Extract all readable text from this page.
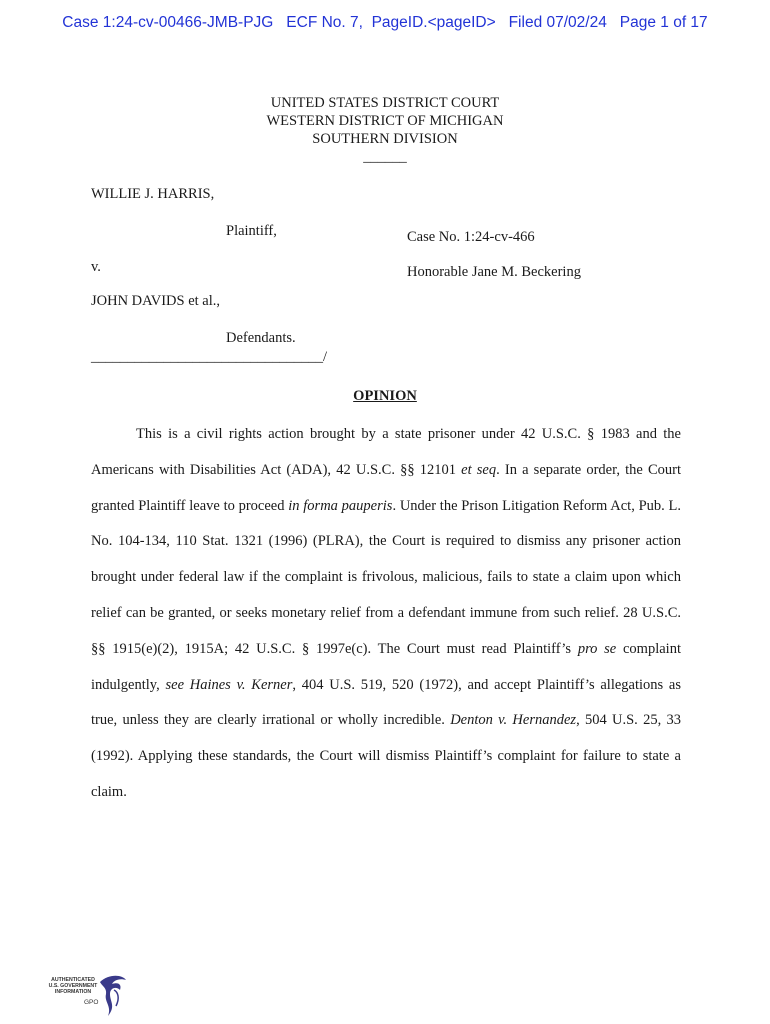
Case 1:24-cv-00466-JMB-PJG ECF No. 7, PageID.<pageID> Filed 07/02/24 Page 1 of 17
UNITED STATES DISTRICT COURT
WESTERN DISTRICT OF MICHIGAN
SOUTHERN DIVISION
______
WILLIE J. HARRIS,
Plaintiff,	Case No. 1:24-cv-466
v.	Honorable Jane M. Beckering
JOHN DAVIDS et al.,
Defendants.
________________________________/
OPINION

This is a civil rights action brought by a state prisoner under 42 U.S.C. § 1983 and the Americans with Disabilities Act (ADA), 42 U.S.C. §§ 12101 et seq. In a separate order, the Court granted Plaintiff leave to proceed in forma pauperis. Under the Prison Litigation Reform Act, Pub. L. No. 104-134, 110 Stat. 1321 (1996) (PLRA), the Court is required to dismiss any prisoner action brought under federal law if the complaint is frivolous, malicious, fails to state a claim upon which relief can be granted, or seeks monetary relief from a defendant immune from such relief. 28 U.S.C. §§ 1915(e)(2), 1915A; 42 U.S.C. § 1997e(c). The Court must read Plaintiff’s pro se complaint indulgently, see Haines v. Kerner, 404 U.S. 519, 520 (1972), and accept Plaintiff’s allegations as true, unless they are clearly irrational or wholly incredible. Denton v. Hernandez, 504 U.S. 25, 33 (1992). Applying these standards, the Court will dismiss Plaintiff’s complaint for failure to state a claim.

AUTHENTICATED
U.S. GOVERNMENT
INFORMATION
GPO
